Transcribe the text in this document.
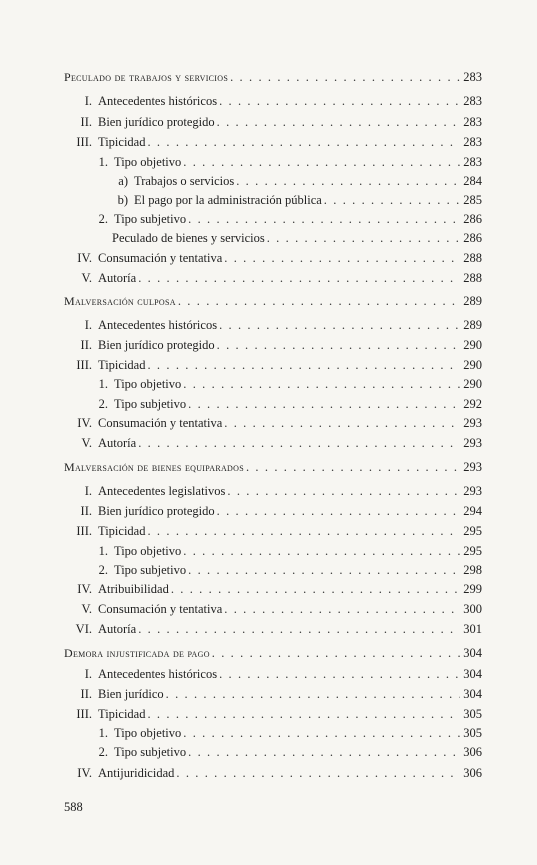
Peculado de trabajos y servicios . . .	283
I. Antecedentes históricos . . .	283
II. Bien jurídico protegido . . .	283
III. Tipicidad . . .	283
1. Tipo objetivo . . .	283
a) Trabajos o servicios . . .	284
b) El pago por la administración pública . . .	285
2. Tipo subjetivo . . .	286
Peculado de bienes y servicios . . .	286
IV. Consumación y tentativa . . .	288
V. Autoría . . .	288
Malversación culposa . . .	289
I. Antecedentes históricos . . .	289
II. Bien jurídico protegido . . .	290
III. Tipicidad . . .	290
1. Tipo objetivo . . .	290
2. Tipo subjetivo . . .	292
IV. Consumación y tentativa . . .	293
V. Autoría . . .	293
Malversación de bienes equiparados . . .	293
I. Antecedentes legislativos . . .	293
II. Bien jurídico protegido . . .	294
III. Tipicidad . . .	295
1. Tipo objetivo . . .	295
2. Tipo subjetivo . . .	298
IV. Atribuibilidad . . .	299
V. Consumación y tentativa . . .	300
VI. Autoría . . .	301
Demora injustificada de pago . . .	304
I. Antecedentes históricos . . .	304
II. Bien jurídico . . .	304
III. Tipicidad . . .	305
1. Tipo objetivo . . .	305
2. Tipo subjetivo . . .	306
IV. Antijuridicidad . . .	306
588
